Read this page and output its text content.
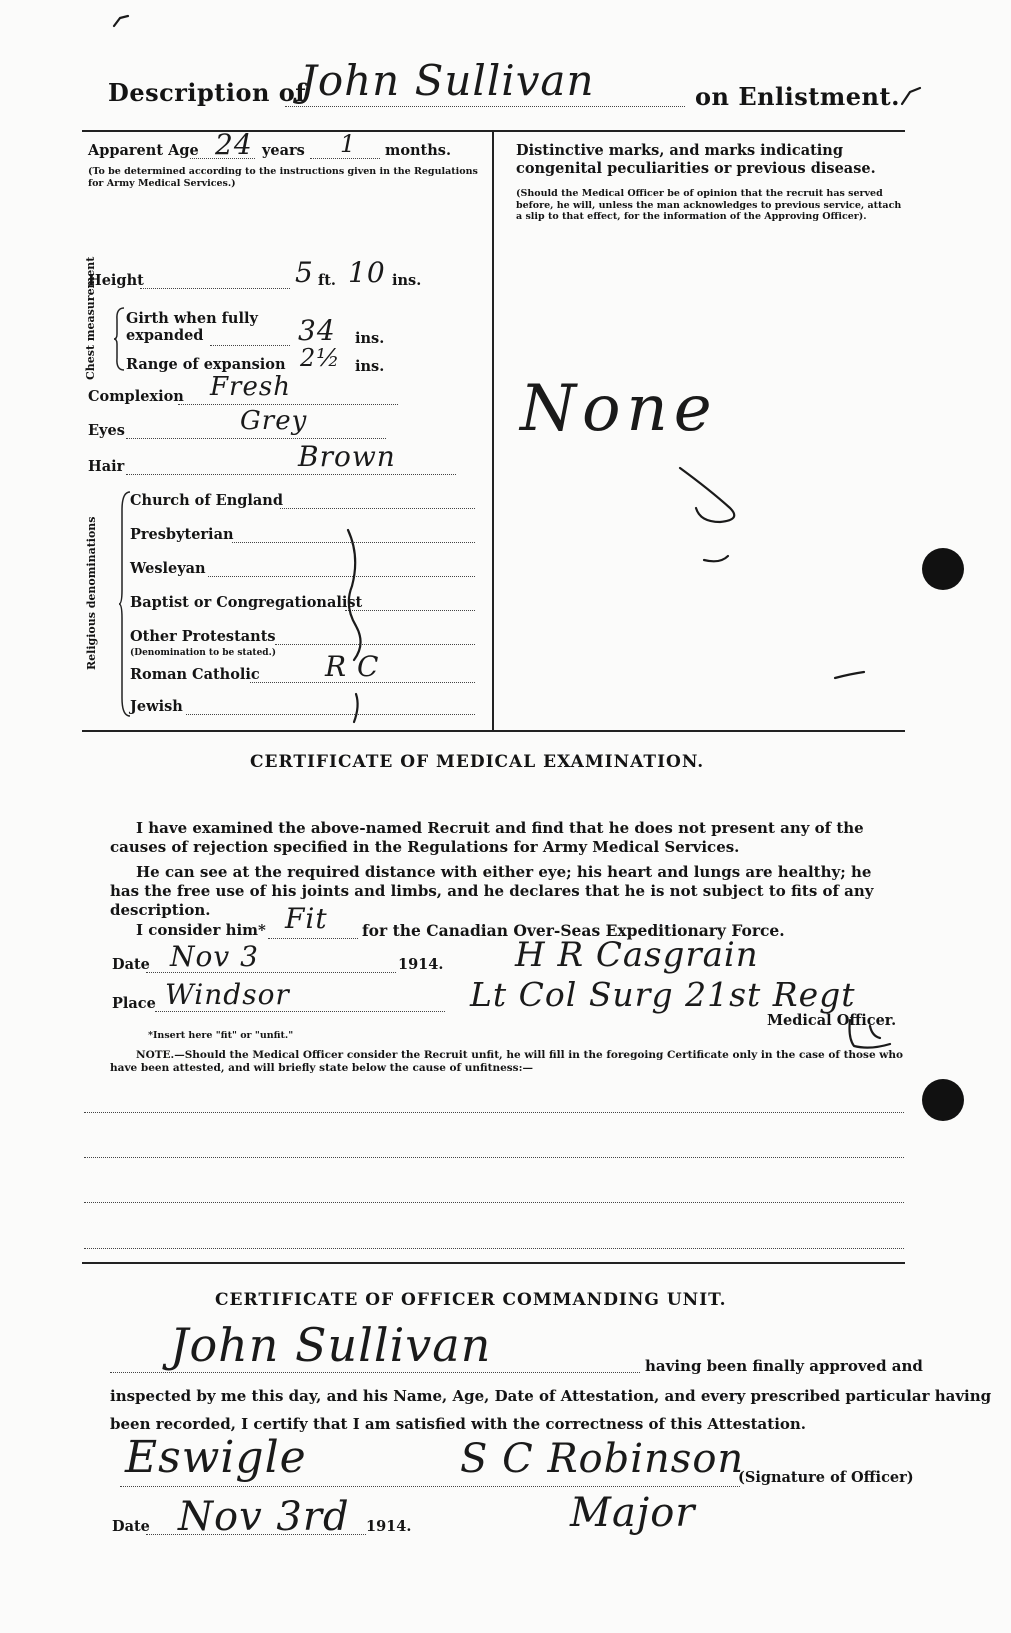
Description of
John Sullivan	on Enlistment.
Apparent Age 24 years 1 months.
(To be determined according to the instructions given in the Regulations for Army Medical Services.)
Height	5 ft. 10 ins.
Chest measurement Girth when fully expanded	34 ins.
Range of expansion 2½ ins.
Complexion Fresh
Eyes	Grey
Hair	Brown
Religious denominations
Church of England
Presbyterian
Wesleyan
Baptist or Congregationalist
Other Protestants
(Denomination to be stated.)
Roman Catholic R C
Jewish
Distinctive marks, and marks indicating congenital peculiarities or previous disease.
(Should the Medical Officer be of opinion that the recruit has served before, he will, unless the man acknowledges to previous service, attach a slip to that effect, for the information of the Approving Officer).
None
CERTIFICATE OF MEDICAL EXAMINATION.
I have examined the above-named Recruit and find that he does not present any of the causes of rejection specified in the Regulations for Army Medical Services.
He can see at the required distance with either eye; his heart and lungs are healthy; he has the free use of his joints and limbs, and he declares that he is not subject to fits of any description.
I consider him* Fit for the Canadian Over-Seas Expeditionary Force.
Date Nov 3	1914.
Place Windsor
H R Casgrain
Lt Col Surg 21st Regt
Medical Officer.
*Insert here "fit" or "unfit."
NOTE.—Should the Medical Officer consider the Recruit unfit, he will fill in the foregoing Certificate only in the case of those who have been attested, and will briefly state below the cause of unfitness:—
CERTIFICATE OF OFFICER COMMANDING UNIT.
John Sullivan	having been finally approved and
inspected by me this day, and his Name, Age, Date of Attestation, and every prescribed particular having
been recorded, I certify that I am satisfied with the correctness of this Attestation.
Eswigle	S C Robinson
(Signature of Officer)
Date Nov 3rd 1914.	Major
